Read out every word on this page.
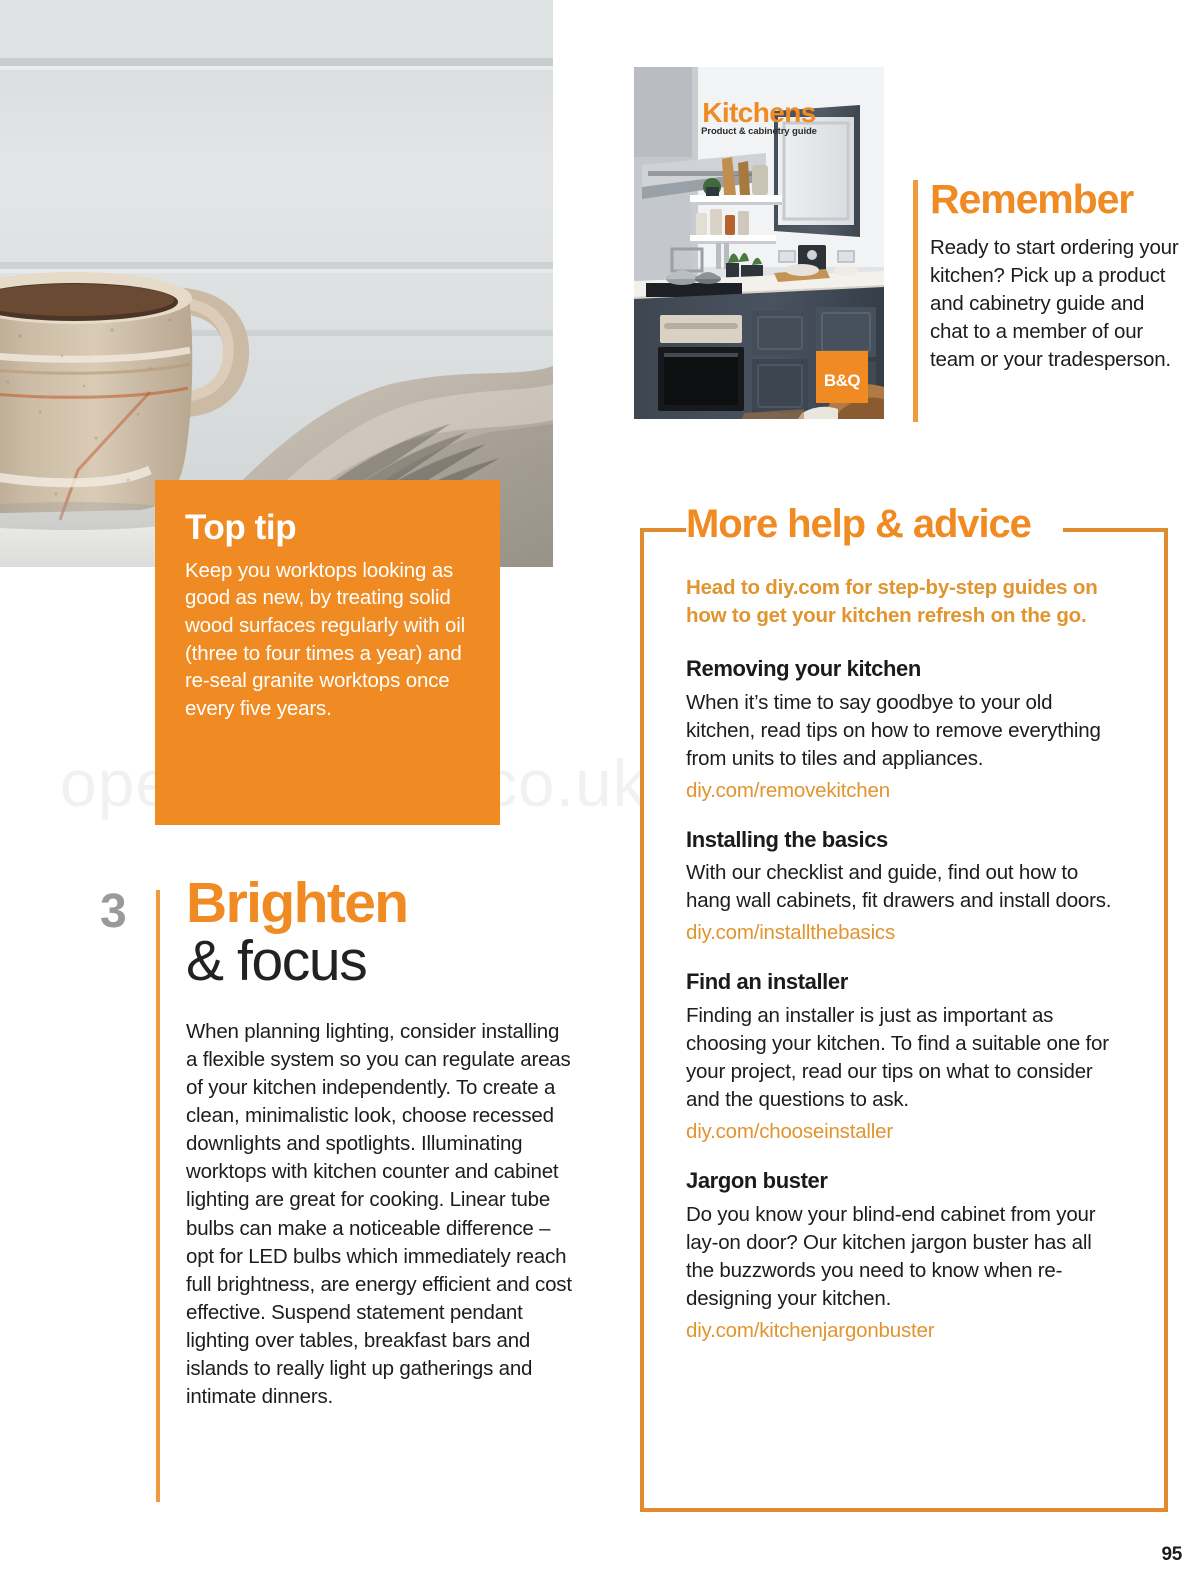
Top tip
Keep you worktops looking as good as new, by treating solid wood surfaces regularly with oil (three to four times a year) and re-seal granite worktops once every five years.
3 Brighten
& focus
When planning lighting, consider installing a flexible system so you can regulate areas of your kitchen independently. To create a clean, minimalistic look, choose recessed downlights and spotlights. Illuminating worktops with kitchen counter and cabinet lighting are great for cooking. Linear tube bulbs can make a noticeable difference – opt for LED bulbs which immediately reach full brightness, are energy efficient and cost effective. Suspend statement pendant lighting over tables, breakfast bars and islands to really light up gatherings and intimate dinners.
Kitchens
Product & cabinetry guide
B&Q
Remember
Ready to start ordering your kitchen? Pick up a product and cabinetry guide and chat to a member of our team or your tradesperson.
More help & advice
Head to diy.com for step-by-step guides on how to get your kitchen refresh on the go.
Removing your kitchen

When it’s time to say goodbye to your old kitchen, read tips on how to remove everything from units to tiles and appliances.

diy.com/removekitchen
Installing the basics

With our checklist and guide, find out how to hang wall cabinets, fit drawers and install doors.

diy.com/installthebasics
Find an installer

Finding an installer is just as important as choosing your kitchen. To find a suitable one for your project, read our tips on what to consider and the questions to ask.

diy.com/chooseinstaller
Jargon buster

Do you know your blind-end cabinet from your lay-on door? Our kitchen jargon buster has all the buzzwords you need to know when re-designing your kitchen.

diy.com/kitchenjargonbuster
95
